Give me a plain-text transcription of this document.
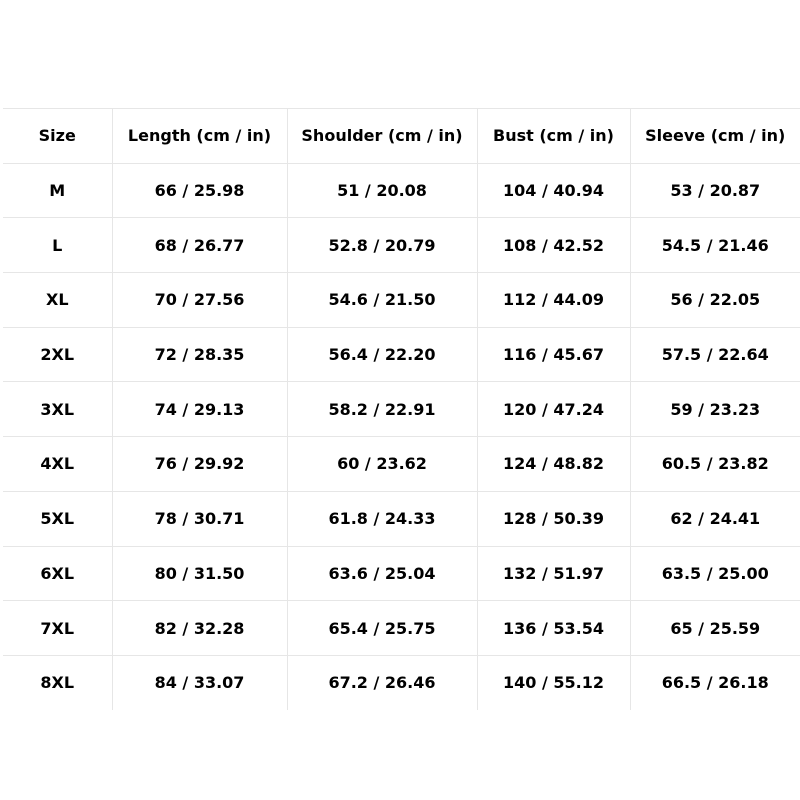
Size	Length (cm / in)	Shoulder (cm / in)	Bust (cm / in)	Sleeve (cm / in)
M	66 / 25.98	51 / 20.08	104 / 40.94	53 / 20.87
L	68 / 26.77	52.8 / 20.79	108 / 42.52	54.5 / 21.46
XL	70 / 27.56	54.6 / 21.50	112 / 44.09	56 / 22.05
2XL	72 / 28.35	56.4 / 22.20	116 / 45.67	57.5 / 22.64
3XL	74 / 29.13	58.2 / 22.91	120 / 47.24	59 / 23.23
4XL	76 / 29.92	60 / 23.62	124 / 48.82	60.5 / 23.82
5XL	78 / 30.71	61.8 / 24.33	128 / 50.39	62 / 24.41
6XL	80 / 31.50	63.6 / 25.04	132 / 51.97	63.5 / 25.00
7XL	82 / 32.28	65.4 / 25.75	136 / 53.54	65 / 25.59
8XL	84 / 33.07	67.2 / 26.46	140 / 55.12	66.5 / 26.18
